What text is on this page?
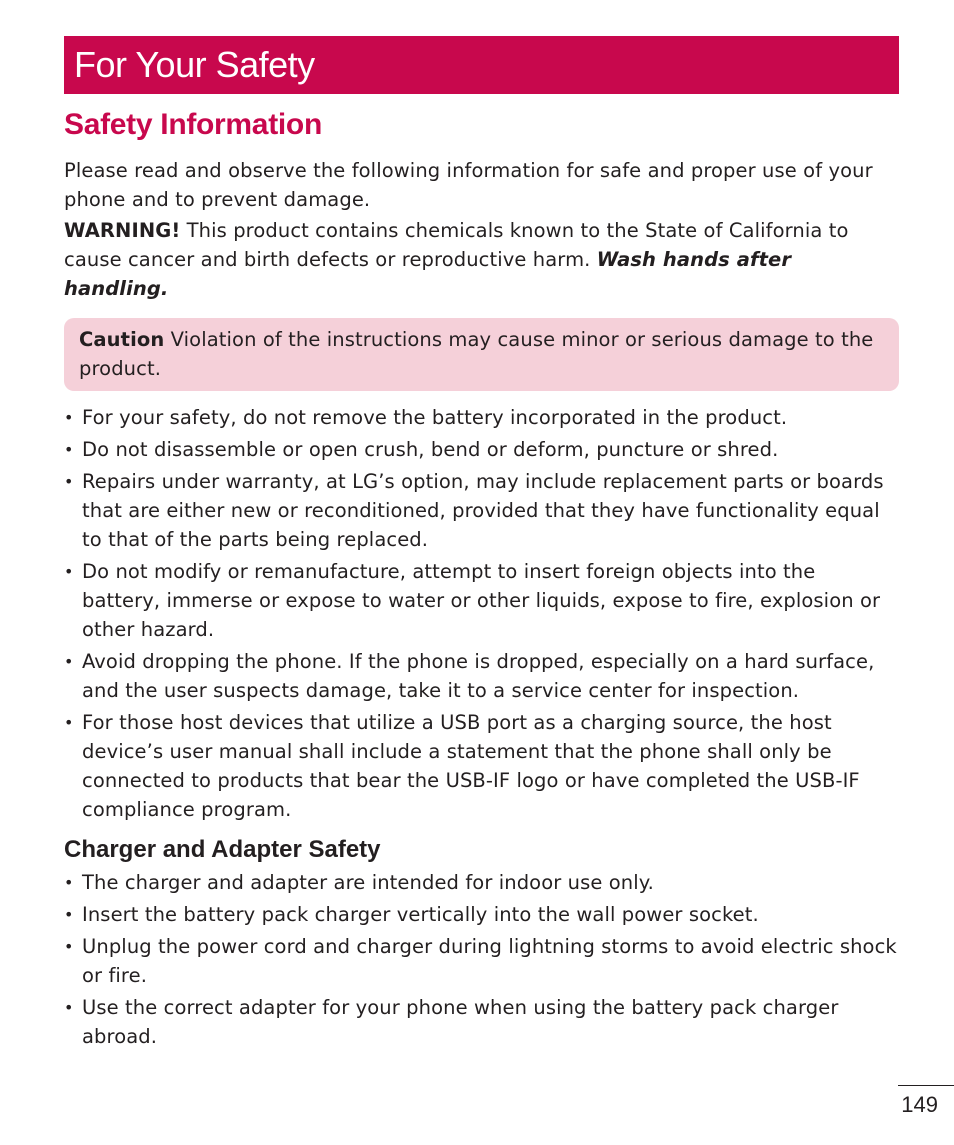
For Your Safety
Safety Information

Please read and observe the following information for safe and proper use of your phone and to prevent damage.

WARNING! This product contains chemicals known to the State of California to cause cancer and birth defects or reproductive harm. Wash hands after handling.

Caution Violation of the instructions may cause minor or serious damage to the product.

• For your safety, do not remove the battery incorporated in the product.
• Do not disassemble or open crush, bend or deform, puncture or shred.
• Repairs under warranty, at LG’s option, may include replacement parts or boards that are either new or reconditioned, provided that they have functionality equal to that of the parts being replaced.
• Do not modify or remanufacture, attempt to insert foreign objects into the battery, immerse or expose to water or other liquids, expose to fire, explosion or other hazard.
• Avoid dropping the phone. If the phone is dropped, especially on a hard surface, and the user suspects damage, take it to a service center for inspection.
• For those host devices that utilize a USB port as a charging source, the host device’s user manual shall include a statement that the phone shall only be connected to products that bear the USB-IF logo or have completed the USB-IF compliance program.
Charger and Adapter Safety
• The charger and adapter are intended for indoor use only.
• Insert the battery pack charger vertically into the wall power socket.
• Unplug the power cord and charger during lightning storms to avoid electric shock or fire.
• Use the correct adapter for your phone when using the battery pack charger abroad.
149
